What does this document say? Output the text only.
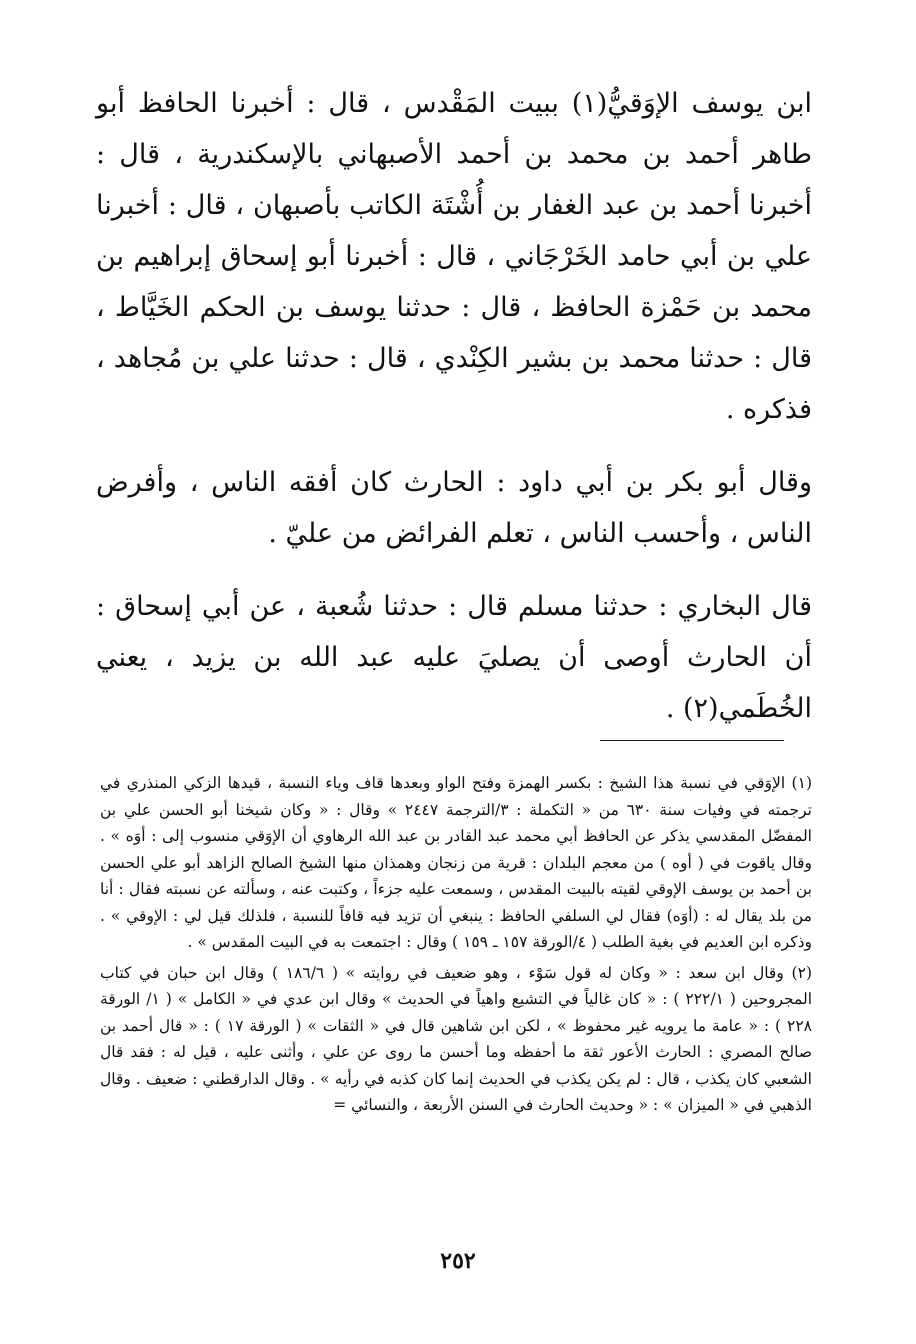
ابن يوسف الإوَقيُّ(١) ببيت المَقْدس ، قال : أخبرنا الحافظ أبو طاهر أحمد بن محمد بن أحمد الأصبهاني بالإسكندرية ، قال : أخبرنا أحمد بن عبد الغفار بن أُشْتَة الكاتب بأصبهان ، قال : أخبرنا علي بن أبي حامد الخَرْجَاني ، قال : أخبرنا أبو إسحاق إبراهيم بن محمد بن حَمْزة الحافظ ، قال : حدثنا يوسف بن الحكم الخَيَّاط ، قال : حدثنا محمد بن بشير الكِنْدي ، قال : حدثنا علي بن مُجاهد ، فذكره .

وقال أبو بكر بن أبي داود : الحارث كان أفقه الناس ، وأفرض الناس ، وأحسب الناس ، تعلم الفرائض من عليّ .

قال البخاري : حدثنا مسلم قال : حدثنا شُعبة ، عن أبي إسحاق : أن الحارث أوصى أن يصليَ عليه عبد الله بن يزيد ، يعني الخُطَمي(٢) .

(١) الإوَقي في نسبة هذا الشيخ : بكسر الهمزة وفتح الواو وبعدها قاف وياء النسبة ، قيدها الزكي المنذري في ترجمته في وفيات سنة ٦٣٠ من « التكملة : ٣/الترجمة ٢٤٤٧ » وقال : « وكان شيخنا أبو الحسن علي بن المفضّل المقدسي يذكر عن الحافظ أبي محمد عبد القادر بن عبد الله الرهاوي أن الإوَقي منسوب إلى : أوَه » . وقال ياقوت في ( أوه ) من معجم البلدان : قرية من زنجان وهمذان منها الشيخ الصالح الزاهد أبو علي الحسن بن أحمد بن يوسف الإوقي لقيته بالبيت المقدس ، وسمعت عليه جزءاً ، وكتبت عنه ، وسألته عن نسبته فقال : أنا من بلد يقال له : (أوَه) فقال لي السلفي الحافظ : ينبغي أن تزيد فيه قافاً للنسبة ، فلذلك قيل لي : الإوقي » . وذكره ابن العديم في بغية الطلب ( ٤/الورقة ١٥٧ ـ ١٥٩ ) وقال : اجتمعت به في البيت المقدس » .

(٢) وقال ابن سعد : « وكان له قول سَوْء ، وهو ضعيف في روايته » ( ١٨٦/٦ ) وقال ابن حبان في كتاب المجروحين ( ٢٢٢/١ ) : « كان غالياً في التشيع واهياً في الحديث » وقال ابن عدي في « الكامل » ( ١/ الورقة ٢٢٨ ) : « عامة ما يرويه غير محفوظ » ، لكن ابن شاهين قال في « الثقات » ( الورقة ١٧ ) : « قال أحمد بن صالح المصري : الحارث الأعور ثقة ما أحفظه وما أحسن ما روى عن علي ، وأثنى عليه ، قيل له : فقد قال الشعبي كان يكذب ، قال : لم يكن يكذب في الحديث إنما كان كذبه في رأيه » . وقال الدارقطني : ضعيف . وقال الذهبي في « الميزان » : « وحديث الحارث في السنن الأربعة ، والنسائي =

٢٥٢
